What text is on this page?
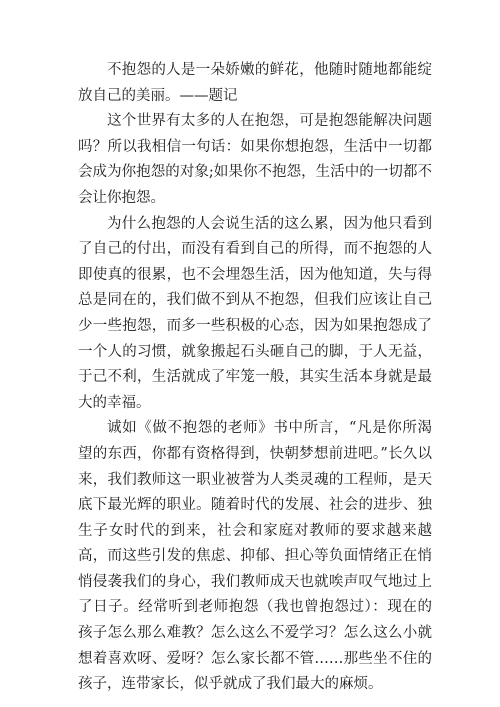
不抱怨的人是一朵娇嫩的鲜花，他随时随地都能绽放自己的美丽。——题记

这个世界有太多的人在抱怨，可是抱怨能解决问题吗？所以我相信一句话：如果你想抱怨，生活中一切都会成为你抱怨的对象;如果你不抱怨，生活中的一切都不会让你抱怨。

为什么抱怨的人会说生活的这么累，因为他只看到了自己的付出，而没有看到自己的所得，而不抱怨的人即使真的很累，也不会埋怨生活，因为他知道，失与得总是同在的，我们做不到从不抱怨，但我们应该让自己少一些抱怨，而多一些积极的心态，因为如果抱怨成了一个人的习惯，就象搬起石头砸自己的脚，于人无益，于己不利，生活就成了牢笼一般，其实生活本身就是最大的幸福。

诚如《做不抱怨的老师》书中所言，“凡是你所渴望的东西，你都有资格得到，快朝梦想前进吧。”长久以来，我们教师这一职业被誉为人类灵魂的工程师，是天底下最光辉的职业。随着时代的发展、社会的进步、独生子女时代的到来，社会和家庭对教师的要求越来越高，而这些引发的焦虑、抑郁、担心等负面情绪正在悄悄侵袭我们的身心，我们教师成天也就唉声叹气地过上了日子。经常听到老师抱怨（我也曾抱怨过）：现在的孩子怎么那么难教？怎么这么不爱学习？怎么这么小就想着喜欢呀、爱呀？怎么家长都不管……那些坐不住的孩子，连带家长，似乎就成了我们最大的麻烦。
